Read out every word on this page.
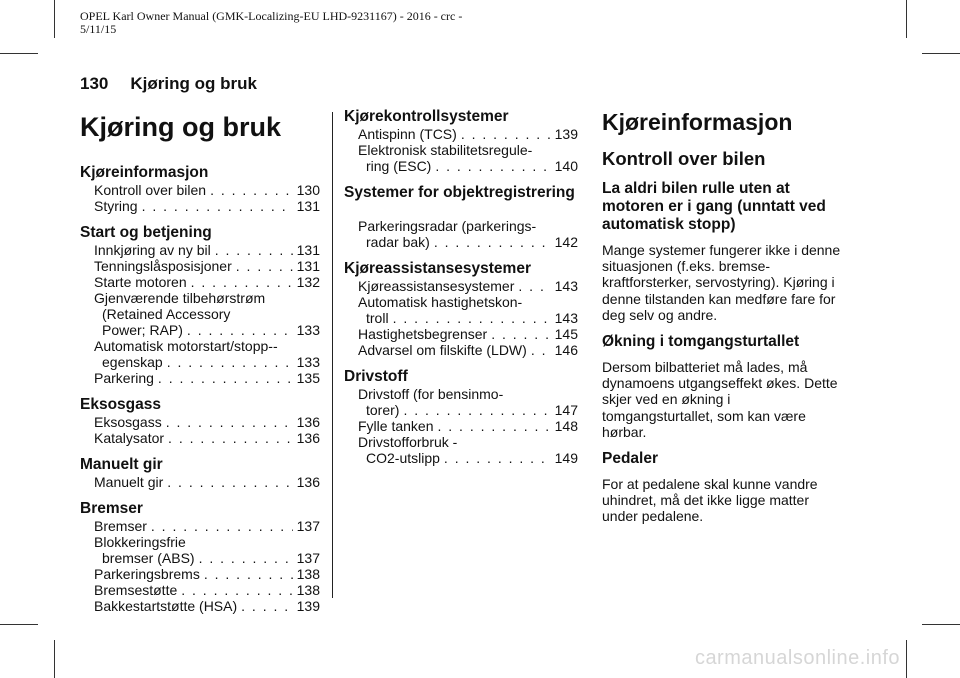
OPEL Karl Owner Manual (GMK-Localizing-EU LHD-9231167) - 2016 - crc -
5/11/15
130 Kjøring og bruk
Kjøring og bruk
Kjøreinformasjon
Kontroll over bilen . . .	130
Styring . . .	131
Start og betjening
Innkjøring av ny bil . . .	131
Tenningslåsposisjoner . . .	131
Starte motoren . . .	132
Gjenværende tilbehørstrøm
(Retained Accessory
Power; RAP) . . .	133
Automatisk motorstart/stopp--
egenskap . . .	133
Parkering . . .	135
Eksosgass
Eksosgass . . .	136
Katalysator . . .	136
Manuelt gir
Manuelt gir . . .	136
Bremser
Bremser . . .	137
Blokkeringsfrie
bremser (ABS) . . .	137
Parkeringsbrems . . .	138
Bremsestøtte . . .	138
Bakkestartstøtte (HSA) . . .	139
Kjørekontrollsystemer
Antispinn (TCS) . . .	139
Elektronisk stabilitetsregule-
ring (ESC) . . .	140
Systemer for objektregistrering
Parkeringsradar (parkerings-
radar bak) . . .	142
Kjøreassistansesystemer
Kjøreassistansesystemer . . .	143
Automatisk hastighetskon-
troll . . .	143
Hastighetsbegrenser . . .	145
Advarsel om filskifte (LDW) . . . 146
Drivstoff
Drivstoff (for bensinmo-
torer) . . .	147
Fylle tanken . . .	148
Drivstofforbruk -
CO2-utslipp . . .	149
Kjøreinformasjon
Kontroll over bilen
La aldri bilen rulle uten at motoren er i gang (unntatt ved automatisk stopp)
Mange systemer fungerer ikke i denne situasjonen (f.eks. bremse-kraftforsterker, servostyring). Kjøring i denne tilstanden kan medføre fare for deg selv og andre.
Økning i tomgangsturtallet
Dersom bilbatteriet må lades, må dynamoens utgangseffekt økes. Dette skjer ved en økning i tomgangsturtallet, som kan være hørbar.
Pedaler
For at pedalene skal kunne vandre uhindret, må det ikke ligge matter under pedalene.
carmanualsonline.info
